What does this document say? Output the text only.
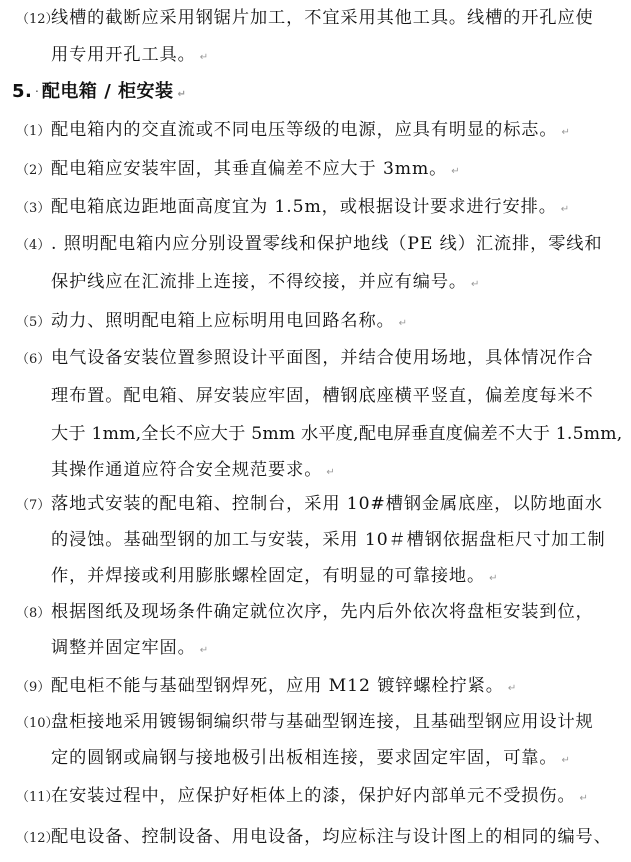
（12）
线槽的截断应采用钢锯片加工，不宜采用其他工具。线槽的开孔应使
用专用开孔工具。 ↵
5. · 配电箱 / 柜安装 ↵
（1） 配电箱内的交直流或不同电压等级的电源，应具有明显的标志。 ↵
（2） 配电箱应安装牢固，其垂直偏差不应大于 3mm。 ↵
（3） 配电箱底边距地面高度宜为 1.5m，或根据设计要求进行安排。 ↵
（4） . 照明配电箱内应分别设置零线和保护地线（PE 线）汇流排，零线和
保护线应在汇流排上连接，不得绞接，并应有编号。 ↵
（5） 动力、照明配电箱上应标明用电回路名称。 ↵
（6） 电气设备安装位置参照设计平面图，并结合使用场地，具体情况作合
理布置。配电箱、屏安装应牢固，槽钢底座横平竖直，偏差度每米不
大于 1mm,全长不应大于 5mm 水平度,配电屏垂直度偏差不大于 1.5mm,
其操作通道应符合安全规范要求。 ↵
（7） 落地式安装的配电箱、控制台，采用 10#槽钢金属底座，以防地面水
的浸蚀。基础型钢的加工与安装，采用 10＃槽钢依据盘柜尺寸加工制
作，并焊接或利用膨胀螺栓固定，有明显的可靠接地。 ↵
（8） 根据图纸及现场条件确定就位次序，先内后外依次将盘柜安装到位，
调整并固定牢固。 ↵
（9） 配电柜不能与基础型钢焊死，应用 M12 镀锌螺栓拧紧。 ↵
（10）
盘柜接地采用镀锡铜编织带与基础型钢连接，且基础型钢应用设计规
定的圆钢或扁钢与接地极引出板相连接，要求固定牢固，可靠。 ↵
（11）
在安装过程中，应保护好柜体上的漆，保护好内部单元不受损伤。 ↵
（12）
配电设备、控制设备、用电设备，均应标注与设计图上的相同的编号、
